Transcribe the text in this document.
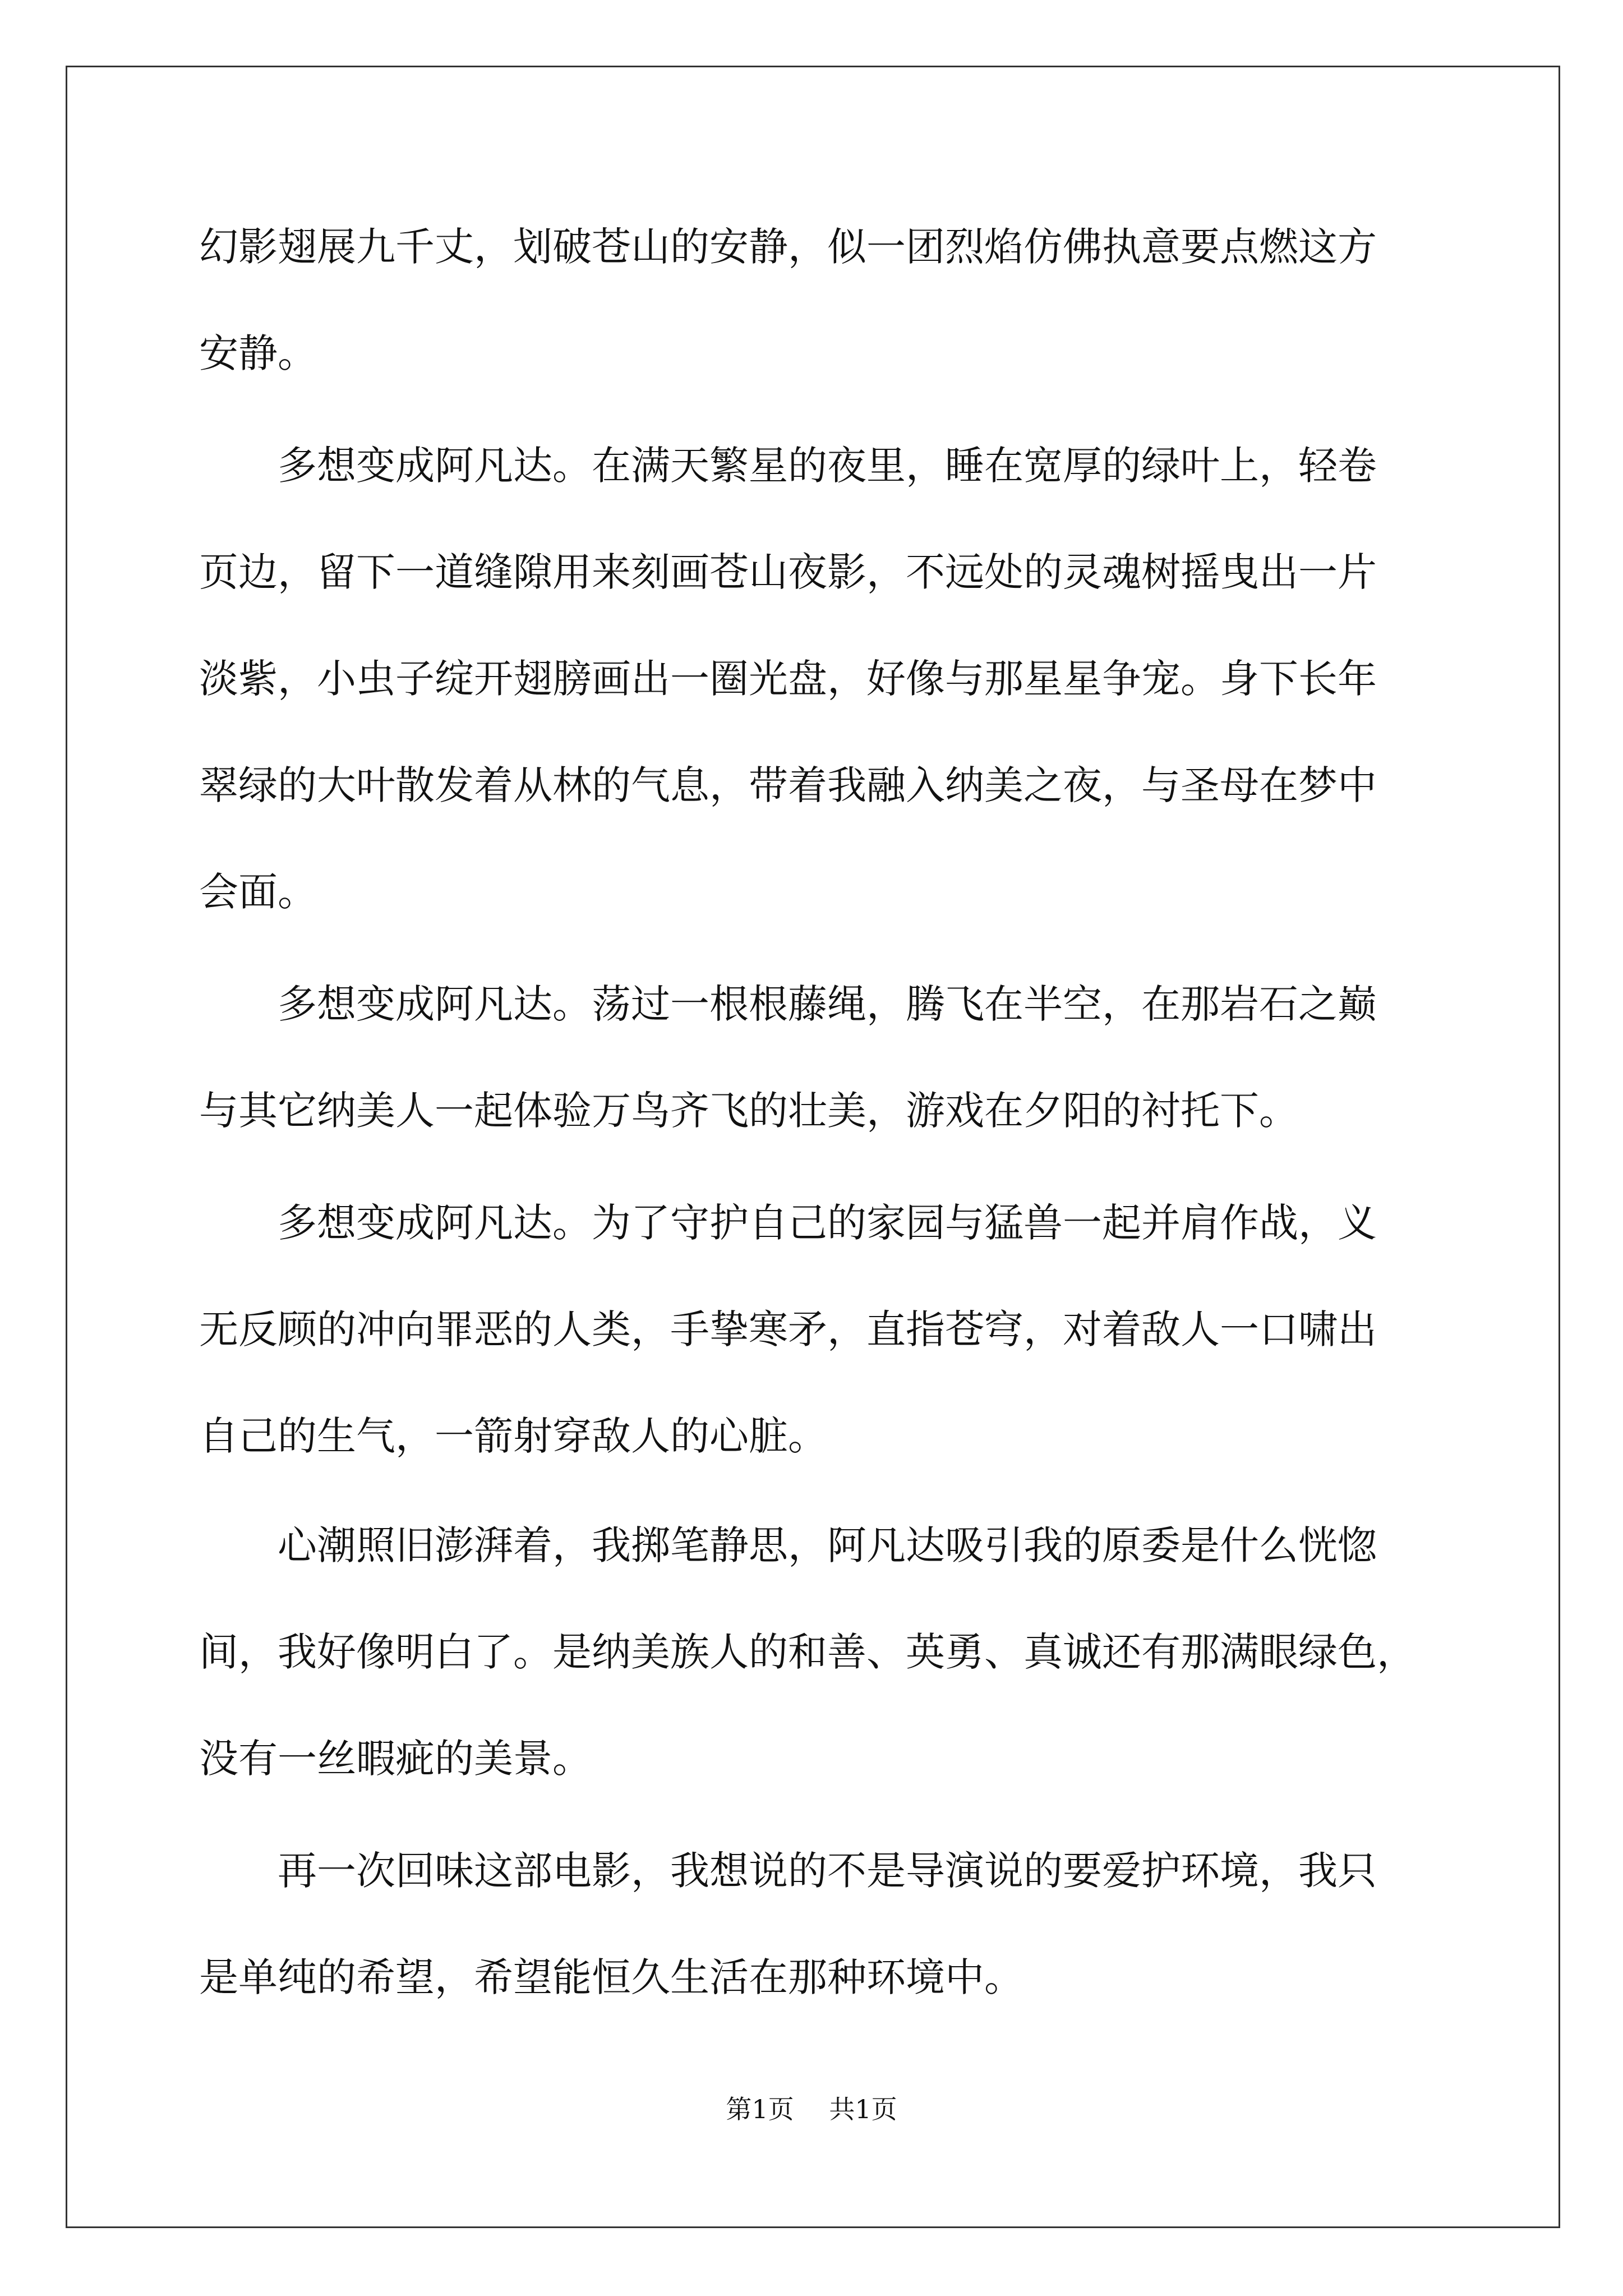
幻影翅展九千丈，划破苍山的安静，似一团烈焰仿佛执意要点燃这方
安静。
　　多想变成阿凡达。在满天繁星的夜里，睡在宽厚的绿叶上，轻卷
页边，留下一道缝隙用来刻画苍山夜影，不远处的灵魂树摇曳出一片
淡紫，小虫子绽开翅膀画出一圈光盘，好像与那星星争宠。身下长年
翠绿的大叶散发着从林的气息，带着我融入纳美之夜，与圣母在梦中
会面。
　　多想变成阿凡达。荡过一根根藤绳，腾飞在半空，在那岩石之巅
与其它纳美人一起体验万鸟齐飞的壮美，游戏在夕阳的衬托下。
　　多想变成阿凡达。为了守护自己的家园与猛兽一起并肩作战，义
无反顾的冲向罪恶的人类，手挚寒矛，直指苍穹，对着敌人一口啸出
自己的生气，一箭射穿敌人的心脏。
　　心潮照旧澎湃着，我掷笔静思，阿凡达吸引我的原委是什么恍惚
间，我好像明白了。是纳美族人的和善、英勇、真诚还有那满眼绿色，
没有一丝暇疵的美景。
　　再一次回味这部电影，我想说的不是导演说的要爱护环境，我只
是单纯的希望，希望能恒久生活在那种环境中。
第1页 共1页
